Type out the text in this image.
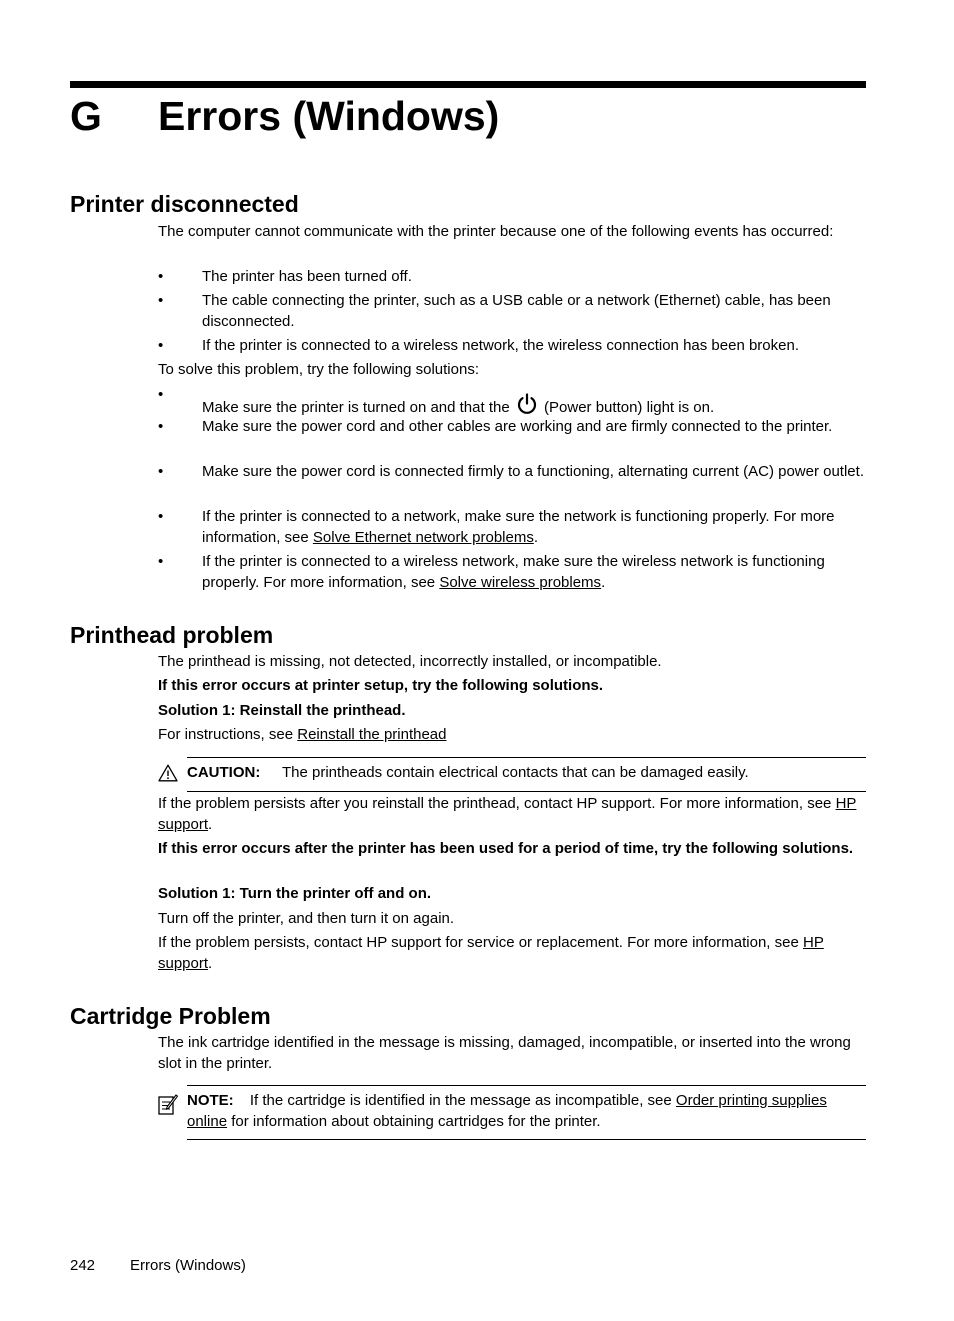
G Errors (Windows)
Printer disconnected
The computer cannot communicate with the printer because one of the following events has occurred:
•	The printer has been turned off.
•	The cable connecting the printer, such as a USB cable or a network (Ethernet) cable, has been disconnected.
•	If the printer is connected to a wireless network, the wireless connection has been broken.
To solve this problem, try the following solutions:
•
Make sure the printer is turned on and that the (Power button) light is on.
•	Make sure the power cord and other cables are working and are firmly connected to the printer.
•	Make sure the power cord is connected firmly to a functioning, alternating current (AC) power outlet.
•	If the printer is connected to a network, make sure the network is functioning properly. For more information, see Solve Ethernet network problems.
•	If the printer is connected to a wireless network, make sure the wireless network is functioning properly. For more information, see Solve wireless problems.
Printhead problem
The printhead is missing, not detected, incorrectly installed, or incompatible.
If this error occurs at printer setup, try the following solutions.
Solution 1: Reinstall the printhead.
For instructions, see Reinstall the printhead
CAUTION: The printheads contain electrical contacts that can be damaged easily.
If the problem persists after you reinstall the printhead, contact HP support. For more information, see HP support.
If this error occurs after the printer has been used for a period of time, try the following solutions.
Solution 1: Turn the printer off and on.
Turn off the printer, and then turn it on again.
If the problem persists, contact HP support for service or replacement. For more information, see HP support.
Cartridge Problem
The ink cartridge identified in the message is missing, damaged, incompatible, or inserted into the wrong slot in the printer.
NOTE: If the cartridge is identified in the message as incompatible, see Order printing supplies online for information about obtaining cartridges for the printer.
242 Errors (Windows)
